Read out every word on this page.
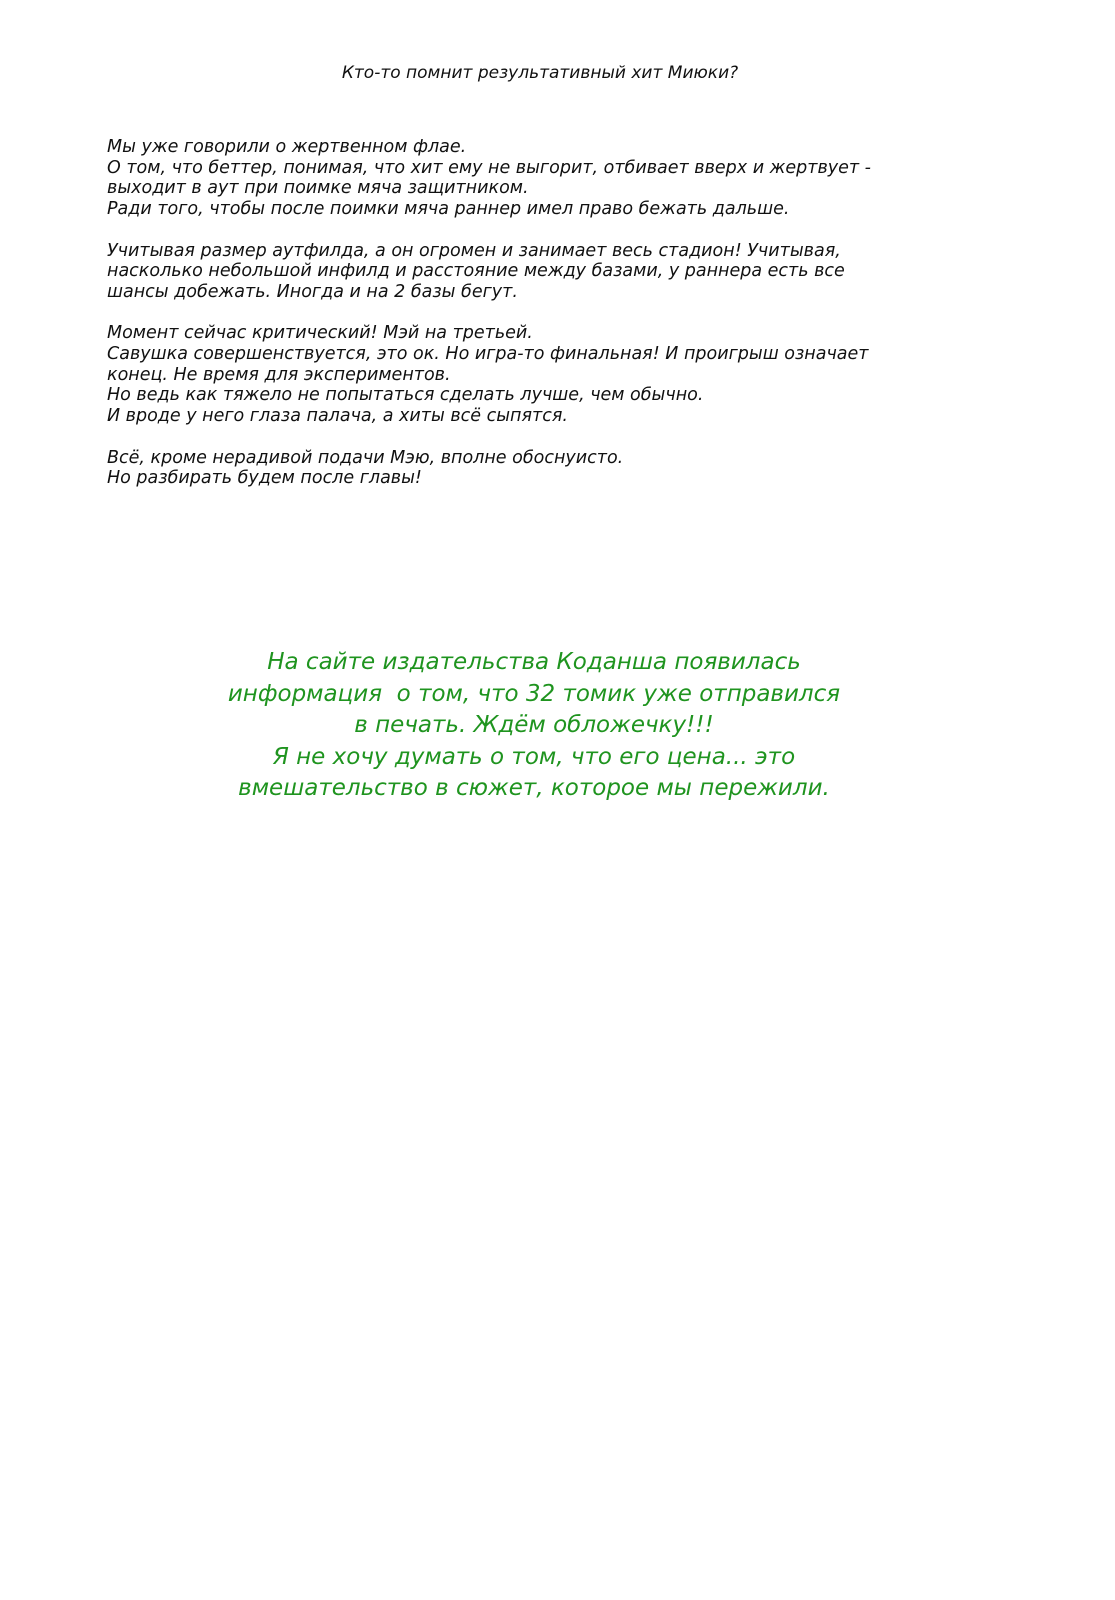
Кто-то помнит результативный хит Миюки?

Мы уже говорили о жертвенном флае.
О том, что беттер, понимая, что хит ему не выгорит, отбивает вверх и жертвует -
выходит в аут при поимке мяча защитником.
Ради того, чтобы после поимки мяча раннер имел право бежать дальше.
Учитывая размер аутфилда, а он огромен и занимает весь стадион! Учитывая,
насколько небольшой инфилд и расстояние между базами, у раннера есть все
шансы добежать. Иногда и на 2 базы бегут.
Момент сейчас критический! Мэй на третьей.
Савушка совершенствуется, это ок. Но игра-то финальная! И проигрыш означает
конец. Не время для экспериментов.
Но ведь как тяжело не попытаться сделать лучше, чем обычно.
И вроде у него глаза палача, а хиты всё сыпятся.
Всё, кроме нерадивой подачи Мэю, вполне обоснуисто.
Но разбирать будем после главы!
На сайте издательства Коданша появилась
информация  о том, что 32 томик уже отправился
в печать. Ждём обложечку!!!
Я не хочу думать о том, что его цена... это
вмешательство в сюжет, которое мы пережили.
